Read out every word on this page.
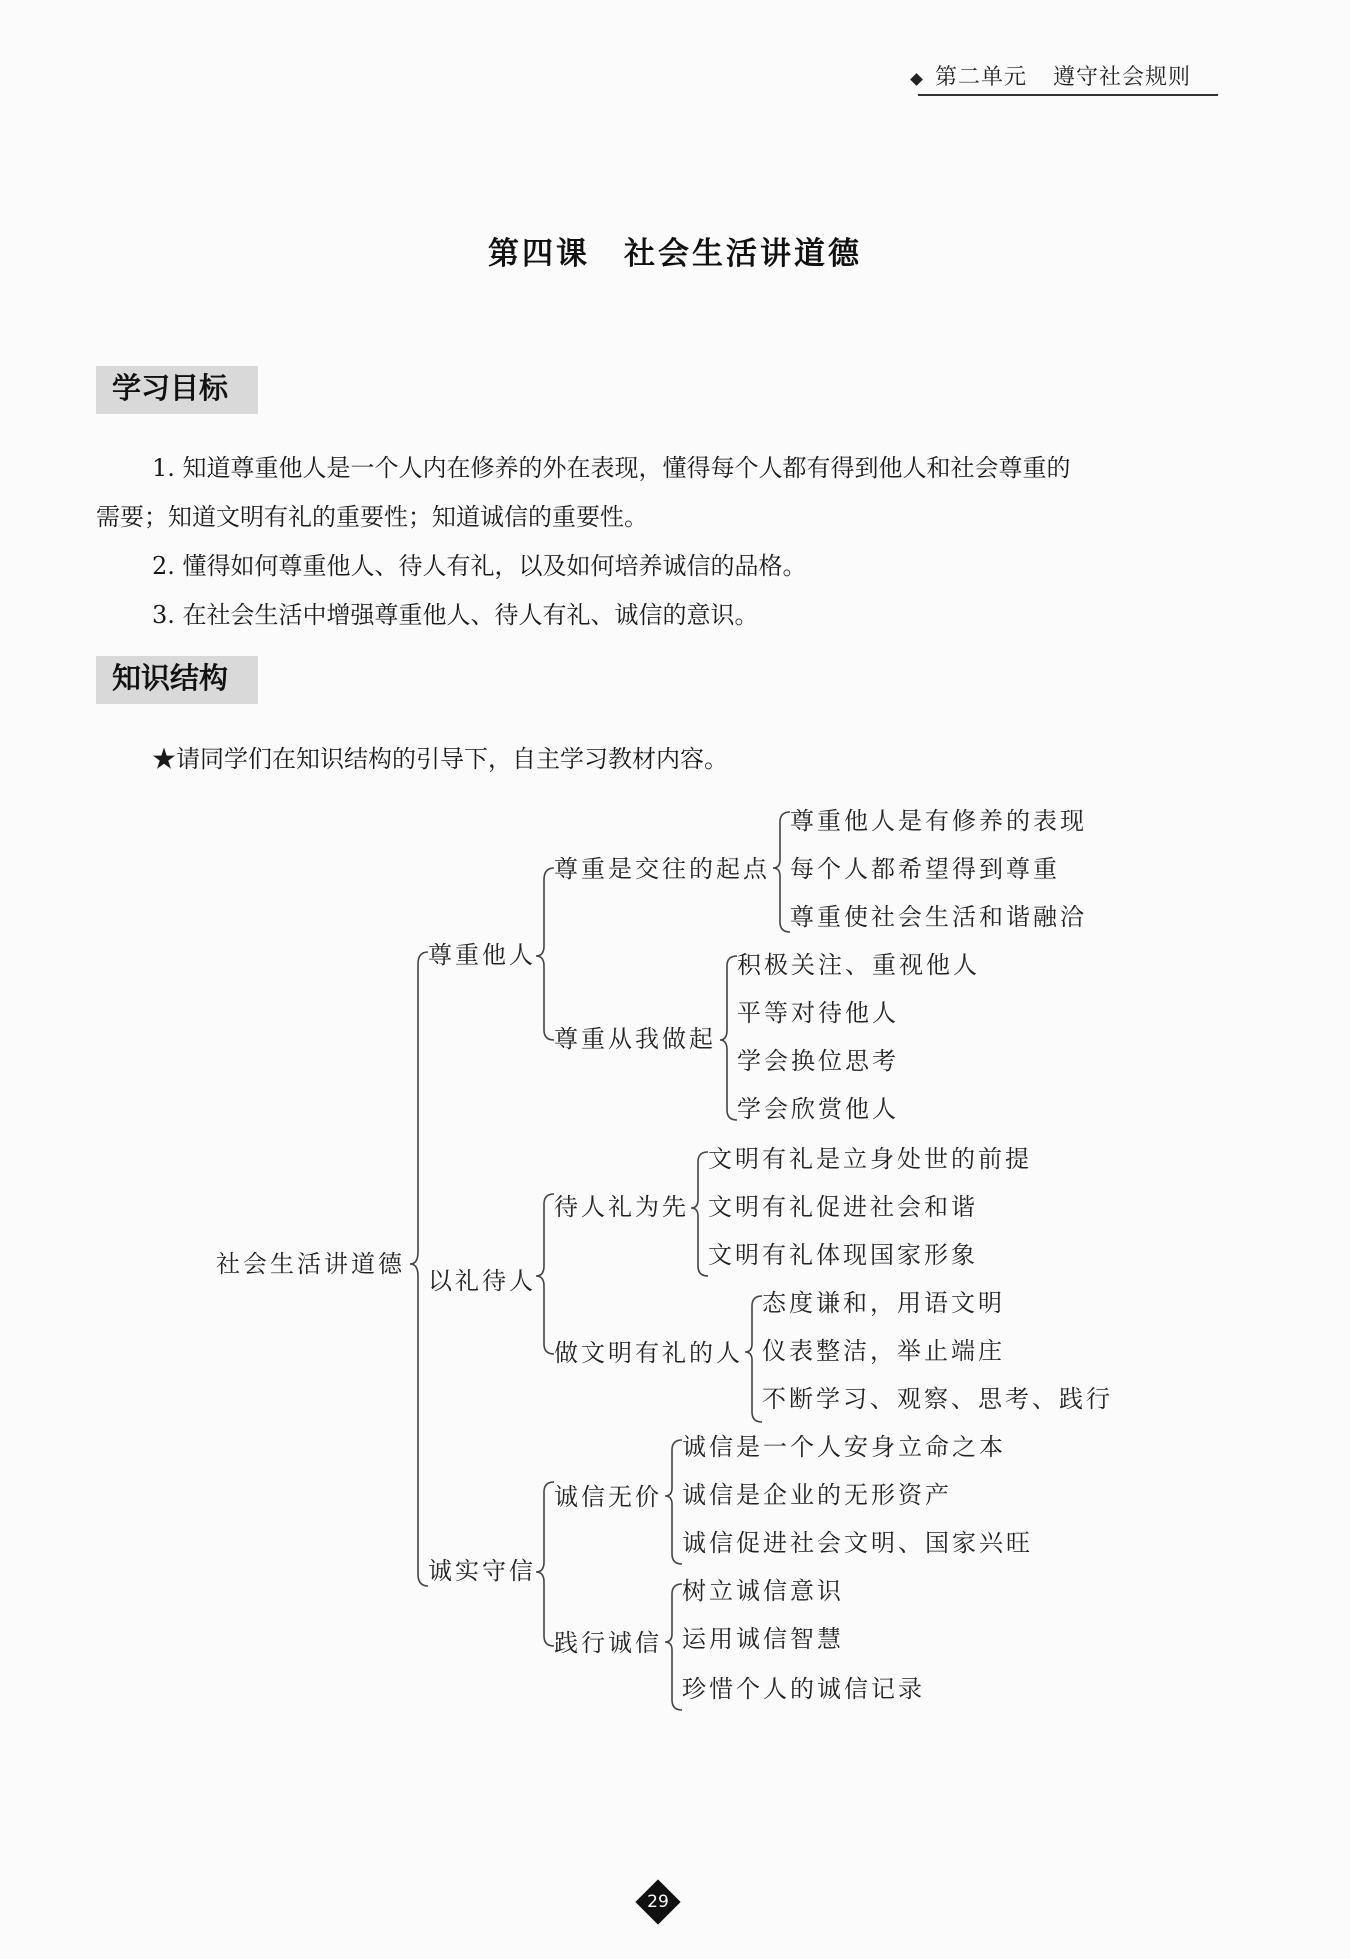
第二单元 遵守社会规则
第四课 社会生活讲道德
学习目标
1. 知道尊重他人是一个人内在修养的外在表现，懂得每个人都有得到他人和社会尊重的
需要；知道文明有礼的重要性；知道诚信的重要性。
2. 懂得如何尊重他人、待人有礼，以及如何培养诚信的品格。
3. 在社会生活中增强尊重他人、待人有礼、诚信的意识。
知识结构
★请同学们在知识结构的引导下，自主学习教材内容。
社会生活讲道德
尊重他人
以礼待人
诚实守信
尊重是交往的起点
尊重从我做起
待人礼为先
做文明有礼的人
诚信无价
践行诚信
尊重他人是有修养的表现
每个人都希望得到尊重
尊重使社会生活和谐融洽
积极关注、重视他人
平等对待他人
学会换位思考
学会欣赏他人
文明有礼是立身处世的前提
文明有礼促进社会和谐
文明有礼体现国家形象
态度谦和，用语文明
仪表整洁，举止端庄
不断学习、观察、思考、践行
诚信是一个人安身立命之本
诚信是企业的无形资产
诚信促进社会文明、国家兴旺
树立诚信意识
运用诚信智慧
珍惜个人的诚信记录
29
